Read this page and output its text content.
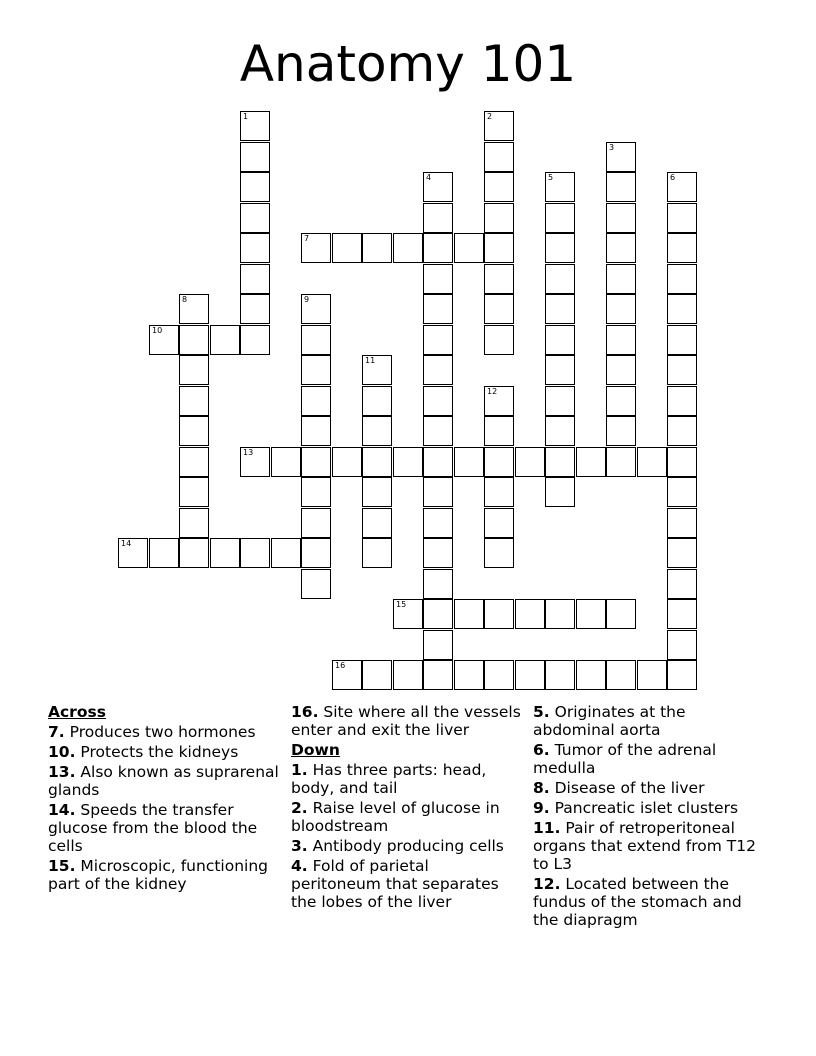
Anatomy 101
7
10
13
14
15
16
1	2
3
4	5	6
8	9
11
12
Across
7. Produces two hormones
10. Protects the kidneys
13. Also known as suprarenal glands
14. Speeds the transfer glucose from the blood the cells
15. Microscopic, functioning part of the kidney
16. Site where all the vessels enter and exit the liver
Down
1. Has three parts: head, body, and tail
2. Raise level of glucose in bloodstream
3. Antibody producing cells
4. Fold of parietal peritoneum that separates the lobes of the liver
5. Originates at the abdominal aorta
6. Tumor of the adrenal medulla
8. Disease of the liver
9. Pancreatic islet clusters
11. Pair of retroperitoneal organs that extend from T12 to L3
12. Located between the fundus of the stomach and the diapragm
